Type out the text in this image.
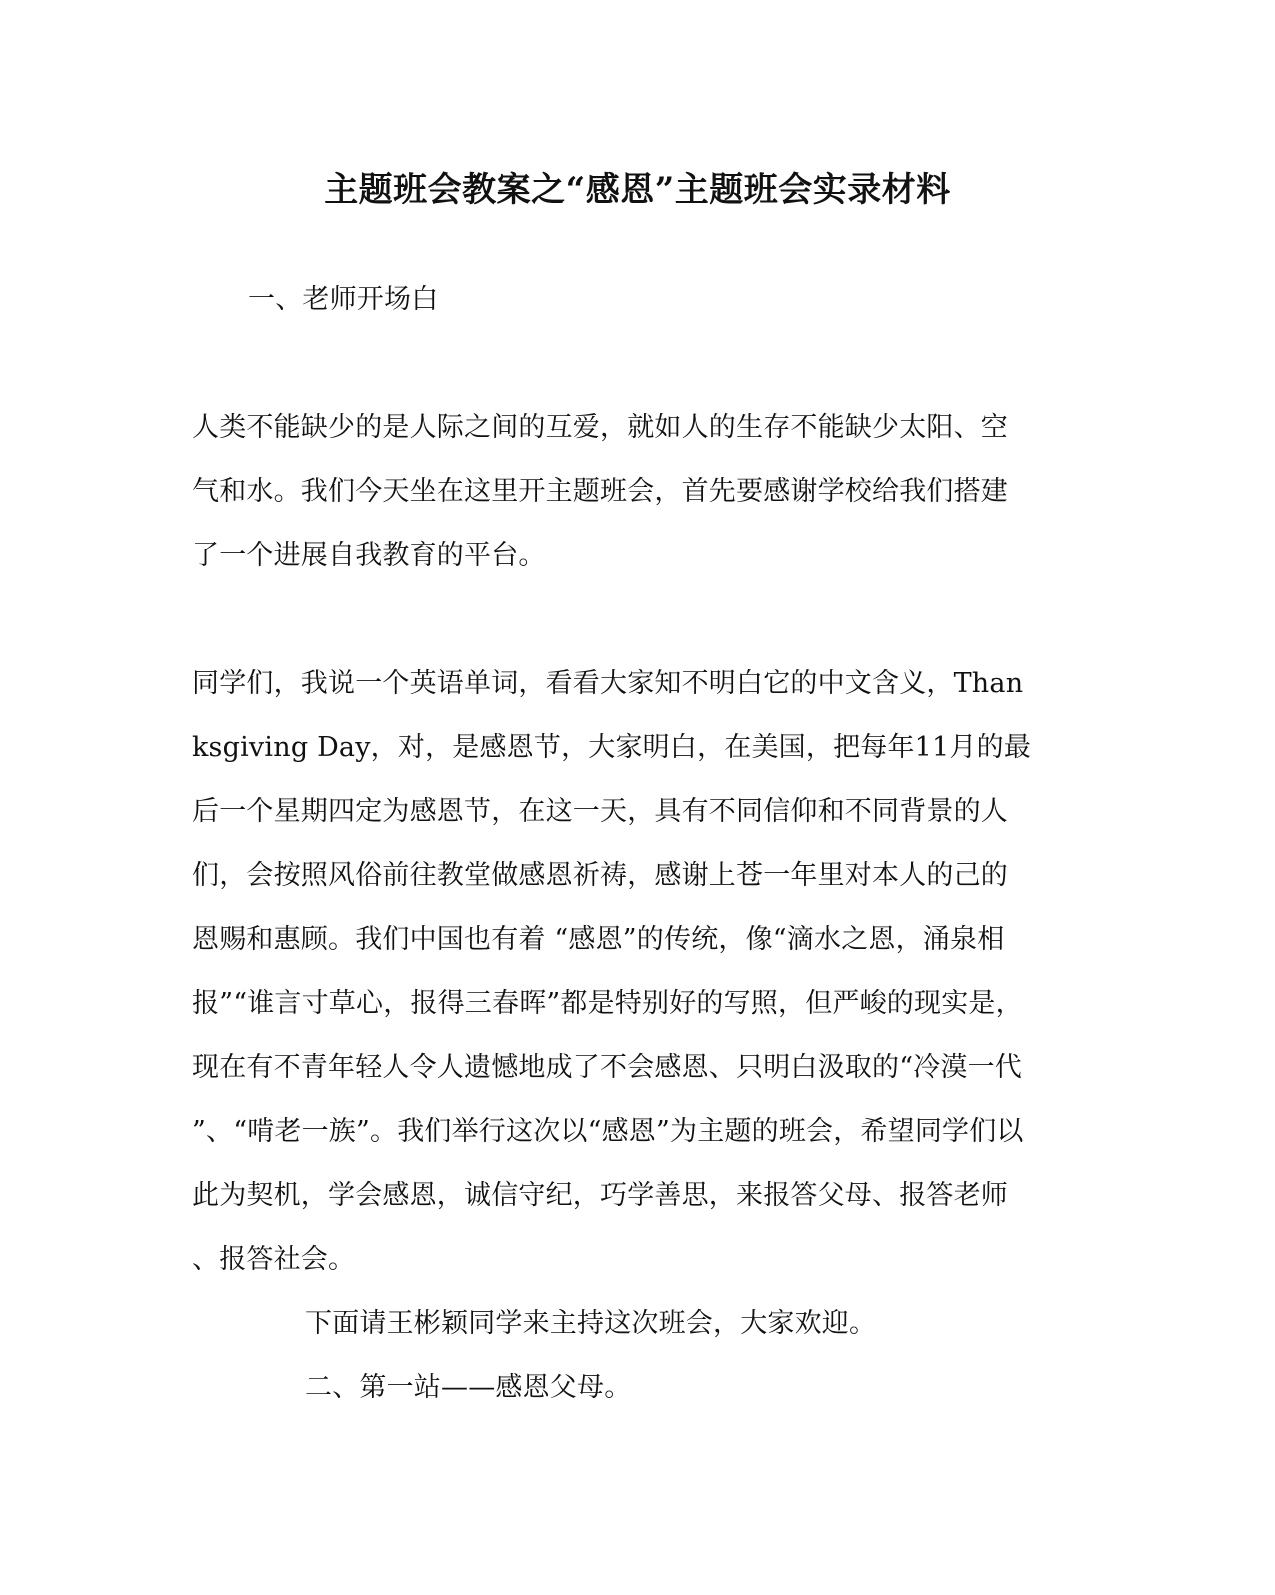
主题班会教案之“感恩”主题班会实录材料
一、老师开场白
人类不能缺少的是人际之间的互爱，就如人的生存不能缺少太阳、空
气和水。我们今天坐在这里开主题班会，首先要感谢学校给我们搭建
了一个进展自我教育的平台。
同学们，我说一个英语单词，看看大家知不明白它的中文含义，Than
ksgiving Day，对，是感恩节，大家明白，在美国，把每年11月的最
后一个星期四定为感恩节，在这一天，具有不同信仰和不同背景的人
们，会按照风俗前往教堂做感恩祈祷，感谢上苍一年里对本人的己的
恩赐和惠顾。我们中国也有着 “感恩”的传统，像“滴水之恩，涌泉相
报”“谁言寸草心，报得三春晖”都是特别好的写照，但严峻的现实是，
现在有不青年轻人令人遗憾地成了不会感恩、只明白汲取的“冷漠一代
”、“啃老一族”。我们举行这次以“感恩”为主题的班会，希望同学们以
此为契机，学会感恩，诚信守纪，巧学善思，来报答父母、报答老师
、报答社会。
下面请王彬颖同学来主持这次班会，大家欢迎。
二、第一站——感恩父母。
